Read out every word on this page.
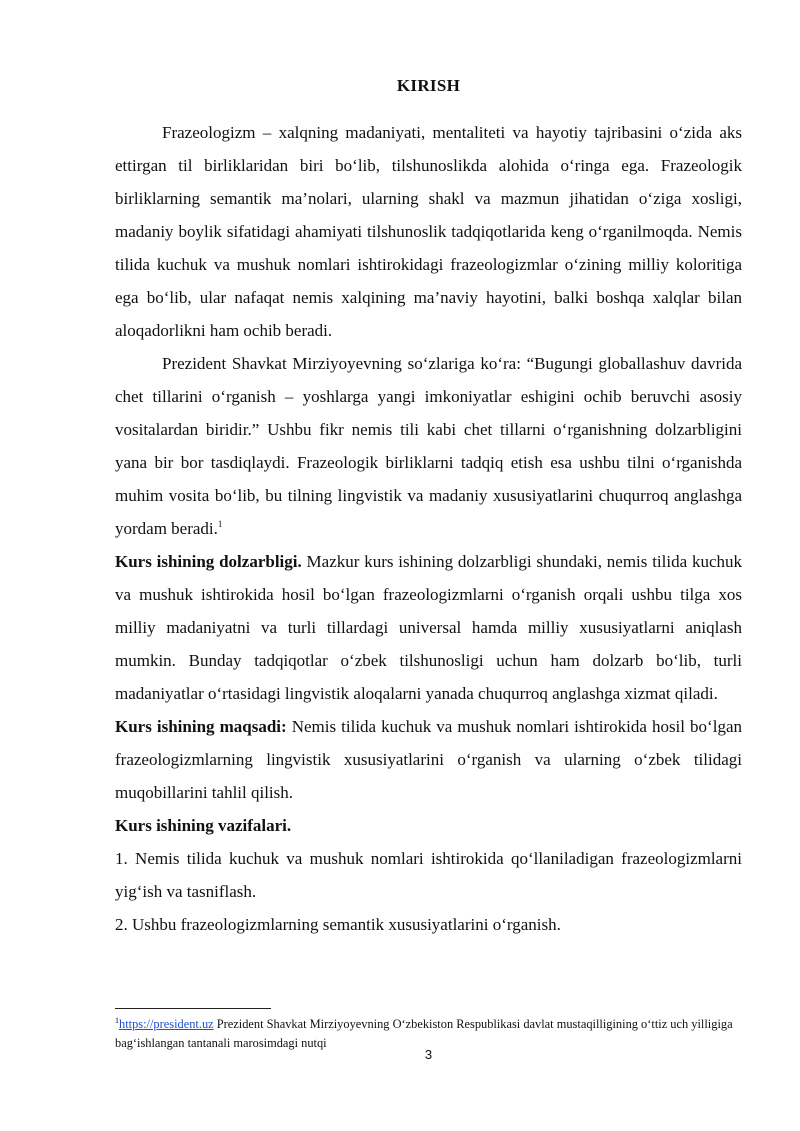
KIRISH

Frazeologizm – xalqning madaniyati, mentaliteti va hayotiy tajribasini o‘zida aks ettirgan til birliklaridan biri bo‘lib, tilshunoslikda alohida o‘ringa ega. Frazeologik birliklarning semantik ma’nolari, ularning shakl va mazmun jihatidan o‘ziga xosligi, madaniy boylik sifatidagi ahamiyati tilshunoslik tadqiqotlarida keng o‘rganilmoqda. Nemis tilida kuchuk va mushuk nomlari ishtirokidagi frazeologizmlar o‘zining milliy koloritiga ega bo‘lib, ular nafaqat nemis xalqining ma’naviy hayotini, balki boshqa xalqlar bilan aloqadorlikni ham ochib beradi.

Prezident Shavkat Mirziyoyevning so‘zlariga ko‘ra: “Bugungi globallashuv davrida chet tillarini o‘rganish – yoshlarga yangi imkoniyatlar eshigini ochib beruvchi asosiy vositalardan biridir.” Ushbu fikr nemis tili kabi chet tillarni o‘rganishning dolzarbligini yana bir bor tasdiqlaydi. Frazeologik birliklarni tadqiq etish esa ushbu tilni o‘rganishda muhim vosita bo‘lib, bu tilning lingvistik va madaniy xususiyatlarini chuqurroq anglashga yordam beradi.$^1$

Kurs ishining dolzarbligi. Mazkur kurs ishining dolzarbligi shundaki, nemis tilida kuchuk va mushuk ishtirokida hosil bo‘lgan frazeologizmlarni o‘rganish orqali ushbu tilga xos milliy madaniyatni va turli tillardagi universal hamda milliy xususiyatlarni aniqlash mumkin. Bunday tadqiqotlar o‘zbek tilshunosligi uchun ham dolzarb bo‘lib, turli madaniyatlar o‘rtasidagi lingvistik aloqalarni yanada chuqurroq anglashga xizmat qiladi.

Kurs ishining maqsadi: Nemis tilida kuchuk va mushuk nomlari ishtirokida hosil bo‘lgan frazeologizmlarning lingvistik xususiyatlarini o‘rganish va ularning o‘zbek tilidagi muqobillarini tahlil qilish.

Kurs ishining vazifalari.

1. Nemis tilida kuchuk va mushuk nomlari ishtirokida qo‘llaniladigan frazeologizmlarni yig‘ish va tasniflash.

2. Ushbu frazeologizmlarning semantik xususiyatlarini o‘rganish.

$^1$https://president.uz Prezident Shavkat Mirziyoyevning O‘zbekiston Respublikasi davlat mustaqilligining o‘ttiz uch yilligiga bag‘ishlangan tantanali marosimdagi nutqi
3
